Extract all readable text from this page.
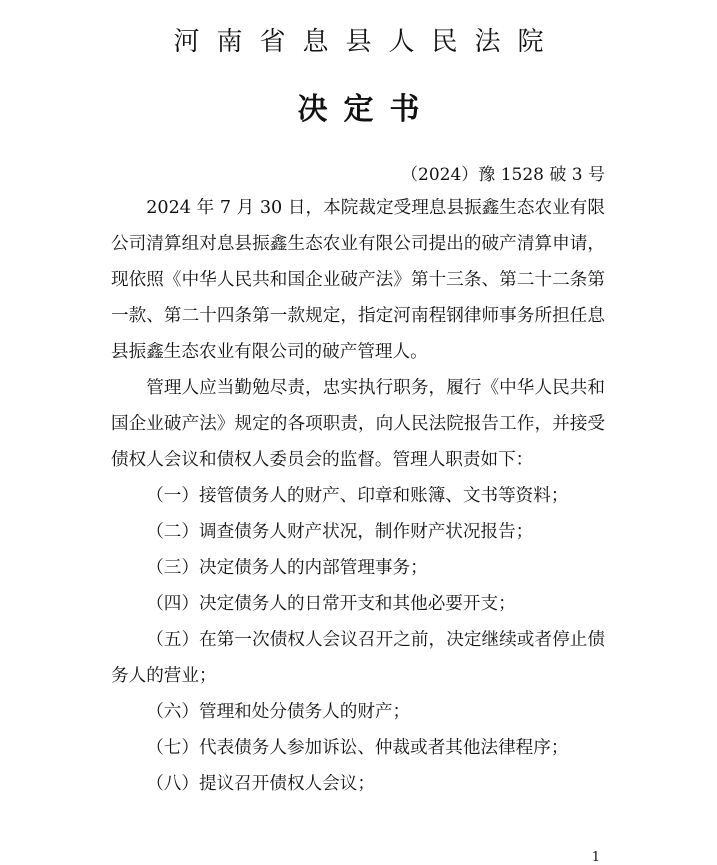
河南省息县人民法院
决定书
（2024）豫 1528 破 3 号

2024 年 7 月 30 日，本院裁定受理息县振鑫生态农业有限公司清算组对息县振鑫生态农业有限公司提出的破产清算申请，现依照《中华人民共和国企业破产法》第十三条、第二十二条第一款、第二十四条第一款规定，指定河南程钢律师事务所担任息县振鑫生态农业有限公司的破产管理人。

管理人应当勤勉尽责，忠实执行职务，履行《中华人民共和国企业破产法》规定的各项职责，向人民法院报告工作，并接受债权人会议和债权人委员会的监督。管理人职责如下：

（一）接管债务人的财产、印章和账簿、文书等资料；

（二）调查债务人财产状况，制作财产状况报告；

（三）决定债务人的内部管理事务；

（四）决定债务人的日常开支和其他必要开支；

（五）在第一次债权人会议召开之前，决定继续或者停止债务人的营业；

（六）管理和处分债务人的财产；

（七）代表债务人参加诉讼、仲裁或者其他法律程序；

（八）提议召开债权人会议；

1
